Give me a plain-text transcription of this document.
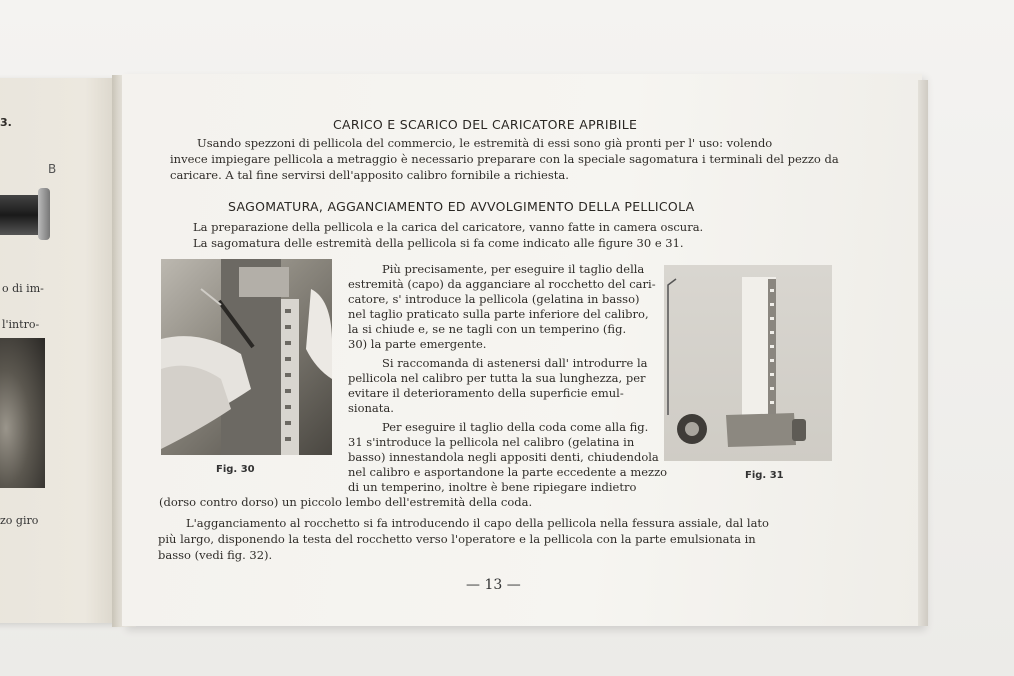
3.
B
o di im-
l'intro-
zo giro
CARICO E SCARICO DEL CARICATORE APRIBILE
Usando spezzoni di pellicola del commercio, le estremità di essi sono già pronti per l' uso: volendo
invece impiegare pellicola a metraggio è necessario preparare con la speciale sagomatura i terminali del pezzo da
caricare. A tal fine servirsi dell'apposito calibro fornibile a richiesta.
SAGOMATURA, AGGANCIAMENTO ED AVVOLGIMENTO DELLA PELLICOLA
La preparazione della pellicola e la carica del caricatore, vanno fatte in camera oscura.
La sagomatura delle estremità della pellicola si fa come indicato alle figure 30 e 31.
Fig. 30
Più precisamente, per eseguire il taglio della
estremità (capo) da agganciare al rocchetto del cari-
catore, s' introduce la pellicola (gelatina in basso)
nel taglio praticato sulla parte inferiore del calibro,
la si chiude e, se ne tagli con un temperino (fig.
30) la parte emergente.
Si raccomanda di astenersi dall' introdurre la
pellicola nel calibro per tutta la sua lunghezza, per
evitare il deterioramento della superficie emul-
sionata.
Per eseguire il taglio della coda come alla fig.
31 s'introduce la pellicola nel calibro (gelatina in
basso) innestandola negli appositi denti, chiudendola
nel calibro e asportandone la parte eccedente a mezzo
di un temperino, inoltre è bene ripiegare indietro
(dorso contro dorso) un piccolo lembo dell'estremità della coda.
Fig. 31
L'agganciamento al rocchetto si fa introducendo il capo della pellicola nella fessura assiale, dal lato
più largo, disponendo la testa del rocchetto verso l'operatore e la pellicola con la parte emulsionata in
basso (vedi fig. 32).
— 13 —
